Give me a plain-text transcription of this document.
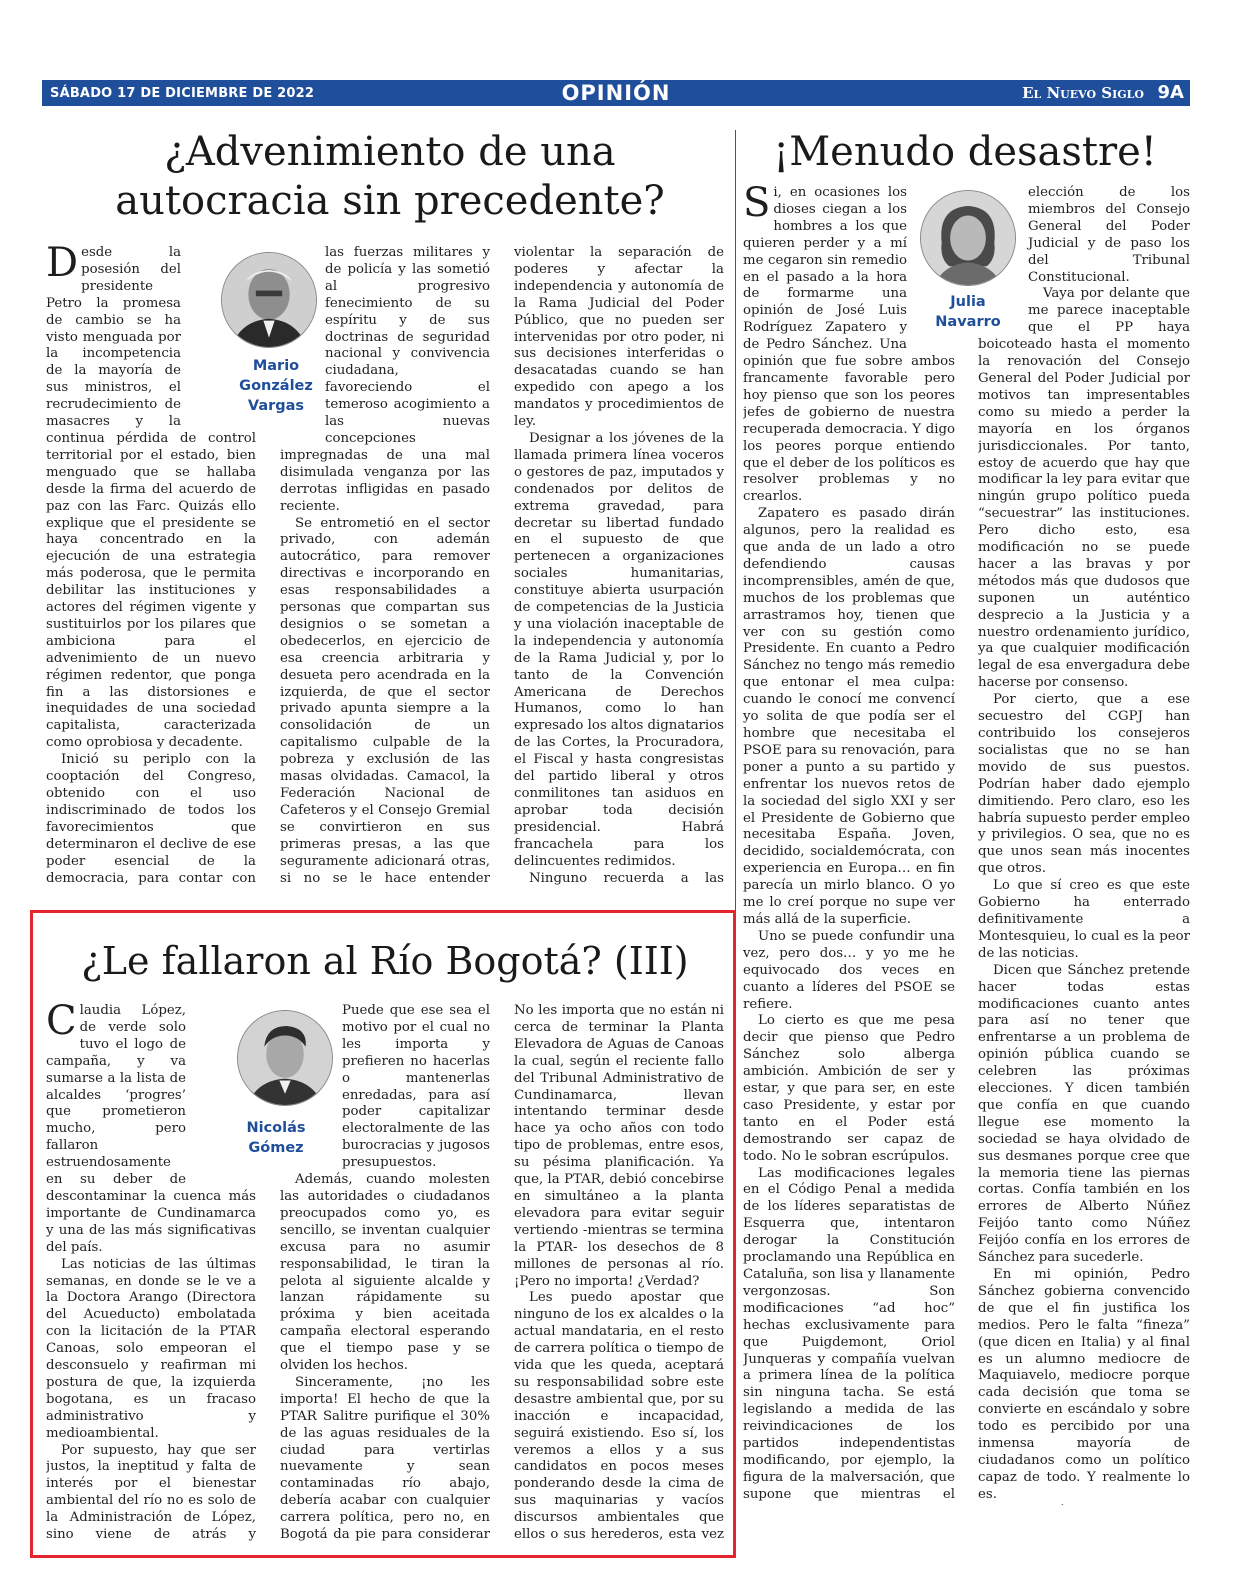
SÁBADO 17 DE DICIEMBRE DE 2022	OPINIÓN	El Nuevo Siglo 9A
¿Advenimiento de una
autocracia sin precedente?
Mario
González
Vargas

Desde la posesión del presidente Petro la promesa de cambio se ha visto menguada por la incompetencia de la mayoría de sus ministros, el recrudecimiento de masacres y la continua pérdida de control territorial por el estado, bien menguado que se hallaba desde la firma del acuerdo de paz con las Farc. Quizás ello explique que el presidente se haya concentrado en la ejecución de una estrategia más poderosa, que le permita debilitar las instituciones y actores del régimen vigente y sustituirlos por los pilares que ambiciona para el advenimiento de un nuevo régimen redentor, que ponga fin a las distorsiones e inequidades de una sociedad capitalista, caracterizada como oprobiosa y decadente.

Inició su periplo con la cooptación del Congreso, obtenido con el uso indiscriminado de todos los favorecimientos que determinaron el declive de ese poder esencial de la democracia, para contar con

las fuerzas militares y de policía y las sometió al progresivo fenecimiento de su espíritu y de sus doctrinas de seguridad nacional y convivencia ciudadana, favoreciendo el temeroso acogimiento a las nuevas concepciones impregnadas de una mal disimulada venganza por las derrotas infligidas en pasado reciente.

Se entrometió en el sector privado, con ademán autocrático, para remover directivas e incorporando en esas responsabilidades a personas que compartan sus designios o se sometan a obedecerlos, en ejercicio de esa creencia arbitraria y desueta pero acendrada en la izquierda, de que el sector privado apunta siempre a la consolidación de un capitalismo culpable de la pobreza y exclusión de las masas olvidadas. Camacol, la Federación Nacional de Cafeteros y el Consejo Gremial se convirtieron en sus primeras presas, a las que seguramente adicionará otras, si no se le hace entender

violentar la separación de poderes y afectar la independencia y autonomía de la Rama Judicial del Poder Público, que no pueden ser intervenidas por otro poder, ni sus decisiones interferidas o desacatadas cuando se han expedido con apego a los mandatos y procedimientos de ley.

Designar a los jóvenes de la llamada primera línea voceros o gestores de paz, imputados y condenados por delitos de extrema gravedad, para decretar su libertad fundado en el supuesto de que pertenecen a organizaciones sociales humanitarias, constituye abierta usurpación de competencias de la Justicia y una violación inaceptable de la independencia y autonomía de la Rama Judicial y, por lo tanto de la Convención Americana de Derechos Humanos, como lo han expresado los altos dignatarios de las Cortes, la Procuradora, el Fiscal y hasta congresistas del partido liberal y otros conmilitones tan asiduos en aprobar toda decisión presidencial. Habrá francachela para los delincuentes redimidos.

Ninguno recuerda a las

¡Menudo desastre!
Julia
Navarro

Si, en ocasiones los dioses ciegan a los hombres a los que quieren perder y a mí me cegaron sin remedio en el pasado a la hora de formarme una opinión de José Luis Rodríguez Zapatero y de Pedro Sánchez. Una opinión que fue sobre ambos francamente favorable pero hoy pienso que son los peores jefes de gobierno de nuestra recuperada democracia. Y digo los peores porque entiendo que el deber de los políticos es resolver problemas y no crearlos.

Zapatero es pasado dirán algunos, pero la realidad es que anda de un lado a otro defendiendo causas incomprensibles, amén de que, muchos de los problemas que arrastramos hoy, tienen que ver con su gestión como Presidente. En cuanto a Pedro Sánchez no tengo más remedio que entonar el mea culpa: cuando le conocí me convencí yo solita de que podía ser el hombre que necesitaba el PSOE para su renovación, para poner a punto a su partido y enfrentar los nuevos retos de la sociedad del siglo XXI y ser el Presidente de Gobierno que necesitaba España. Joven, decidido, socialdemócrata, con experiencia en Europa… en fin parecía un mirlo blanco. O yo me lo creí porque no supe ver más allá de la superficie.

Uno se puede confundir una vez, pero dos… y yo me he equivocado dos veces en cuanto a líderes del PSOE se refiere.

Lo cierto es que me pesa decir que pienso que Pedro Sánchez solo alberga ambición. Ambición de ser y estar, y que para ser, en este caso Presidente, y estar por tanto en el Poder está demostrando ser capaz de todo. No le sobran escrúpulos.

Las modificaciones legales en el Código Penal a medida de los líderes separatistas de Esquerra que, intentaron derogar la Constitución proclamando una República en Cataluña, son lisa y llanamente vergonzosas. Son modificaciones “ad hoc” hechas exclusivamente para que Puigdemont, Oriol Junqueras y compañía vuelvan a primera línea de la política sin ninguna tacha. Se está legislando a medida de las reivindicaciones de los partidos independentistas modificando, por ejemplo, la figura de la malversación, que supone que mientras el

elección de los miembros del Consejo General del Poder Judicial y de paso los del Tribunal Constitucional.

Vaya por delante que me parece inaceptable que el PP haya boicoteado hasta el momento la renovación del Consejo General del Poder Judicial por motivos tan impresentables como su miedo a perder la mayoría en los órganos jurisdiccionales. Por tanto, estoy de acuerdo que hay que modificar la ley para evitar que ningún grupo político pueda “secuestrar” las instituciones. Pero dicho esto, esa modificación no se puede hacer a las bravas y por métodos más que dudosos que suponen un auténtico desprecio a la Justicia y a nuestro ordenamiento jurídico, ya que cualquier modificación legal de esa envergadura debe hacerse por consenso.

Por cierto, que a ese secuestro del CGPJ han contribuido los consejeros socialistas que no se han movido de sus puestos. Podrían haber dado ejemplo dimitiendo. Pero claro, eso les habría supuesto perder empleo y privilegios. O sea, que no es que unos sean más inocentes que otros.

Lo que sí creo es que este Gobierno ha enterrado definitivamente a Montesquieu, lo cual es la peor de las noticias.

Dicen que Sánchez pretende hacer todas estas modificaciones cuanto antes para así no tener que enfrentarse a un problema de opinión pública cuando se celebren las próximas elecciones. Y dicen también que confía en que cuando llegue ese momento la sociedad se haya olvidado de sus desmanes porque cree que la memoria tiene las piernas cortas. Confía también en los errores de Alberto Núñez Feijóo tanto como Núñez Feijóo confía en los errores de Sánchez para sucederle.

En mi opinión, Pedro Sánchez gobierna convencido de que el fin justifica los medios. Pero le falta “fineza” (que dicen en Italia) y al final es un alumno mediocre de Maquiavelo, mediocre porque cada decisión que toma se convierte en escándalo y sobre todo es percibido por una inmensa mayoría de ciudadanos como un político capaz de todo. Y realmente lo es.

¿Le fallaron al Río Bogotá? (III)
Nicolás
Gómez

Claudia López, de verde solo tuvo el logo de campaña, y va sumarse a la lista de alcaldes ‘progres’ que prometieron mucho, pero fallaron estruendosamente en su deber de descontaminar la cuenca más importante de Cundinamarca y una de las más significativas del país.

Las noticias de las últimas semanas, en donde se le ve a la Doctora Arango (Directora del Acueducto) embolatada con la licitación de la PTAR Canoas, solo empeoran el desconsuelo y reafirman mi postura de que, la izquierda bogotana, es un fracaso administrativo y medioambiental.

Por supuesto, hay que ser justos, la ineptitud y falta de interés por el bienestar ambiental del río no es solo de la Administración de López, sino viene de atrás y

Puede que ese sea el motivo por el cual no les importa y prefieren no hacerlas o mantenerlas enredadas, para así poder capitalizar electoralmente de las burocracias y jugosos presupuestos.

Además, cuando molesten las autoridades o ciudadanos preocupados como yo, es sencillo, se inventan cualquier excusa para no asumir responsabilidad, le tiran la pelota al siguiente alcalde y lanzan rápidamente su próxima y bien aceitada campaña electoral esperando que el tiempo pase y se olviden los hechos.

Sinceramente, ¡no les importa! El hecho de que la PTAR Salitre purifique el 30% de las aguas residuales de la ciudad para vertirlas nuevamente y sean contaminadas río abajo, debería acabar con cualquier carrera política, pero no, en Bogotá da pie para considerar

No les importa que no están ni cerca de terminar la Planta Elevadora de Aguas de Canoas la cual, según el reciente fallo del Tribunal Administrativo de Cundinamarca, llevan intentando terminar desde hace ya ocho años con todo tipo de problemas, entre esos, su pésima planificación. Ya que, la PTAR, debió concebirse en simultáneo a la planta elevadora para evitar seguir vertiendo -mientras se termina la PTAR- los desechos de 8 millones de personas al río. ¡Pero no importa! ¿Verdad?

Les puedo apostar que ninguno de los ex alcaldes o la actual mandataria, en el resto de carrera política o tiempo de vida que les queda, aceptará su responsabilidad sobre este desastre ambiental que, por su inacción e incapacidad, seguirá existiendo. Eso sí, los veremos a ellos y a sus candidatos en pocos meses ponderando desde la cima de sus maquinarias y vacíos discursos ambientales que ellos o sus herederos, esta vez
